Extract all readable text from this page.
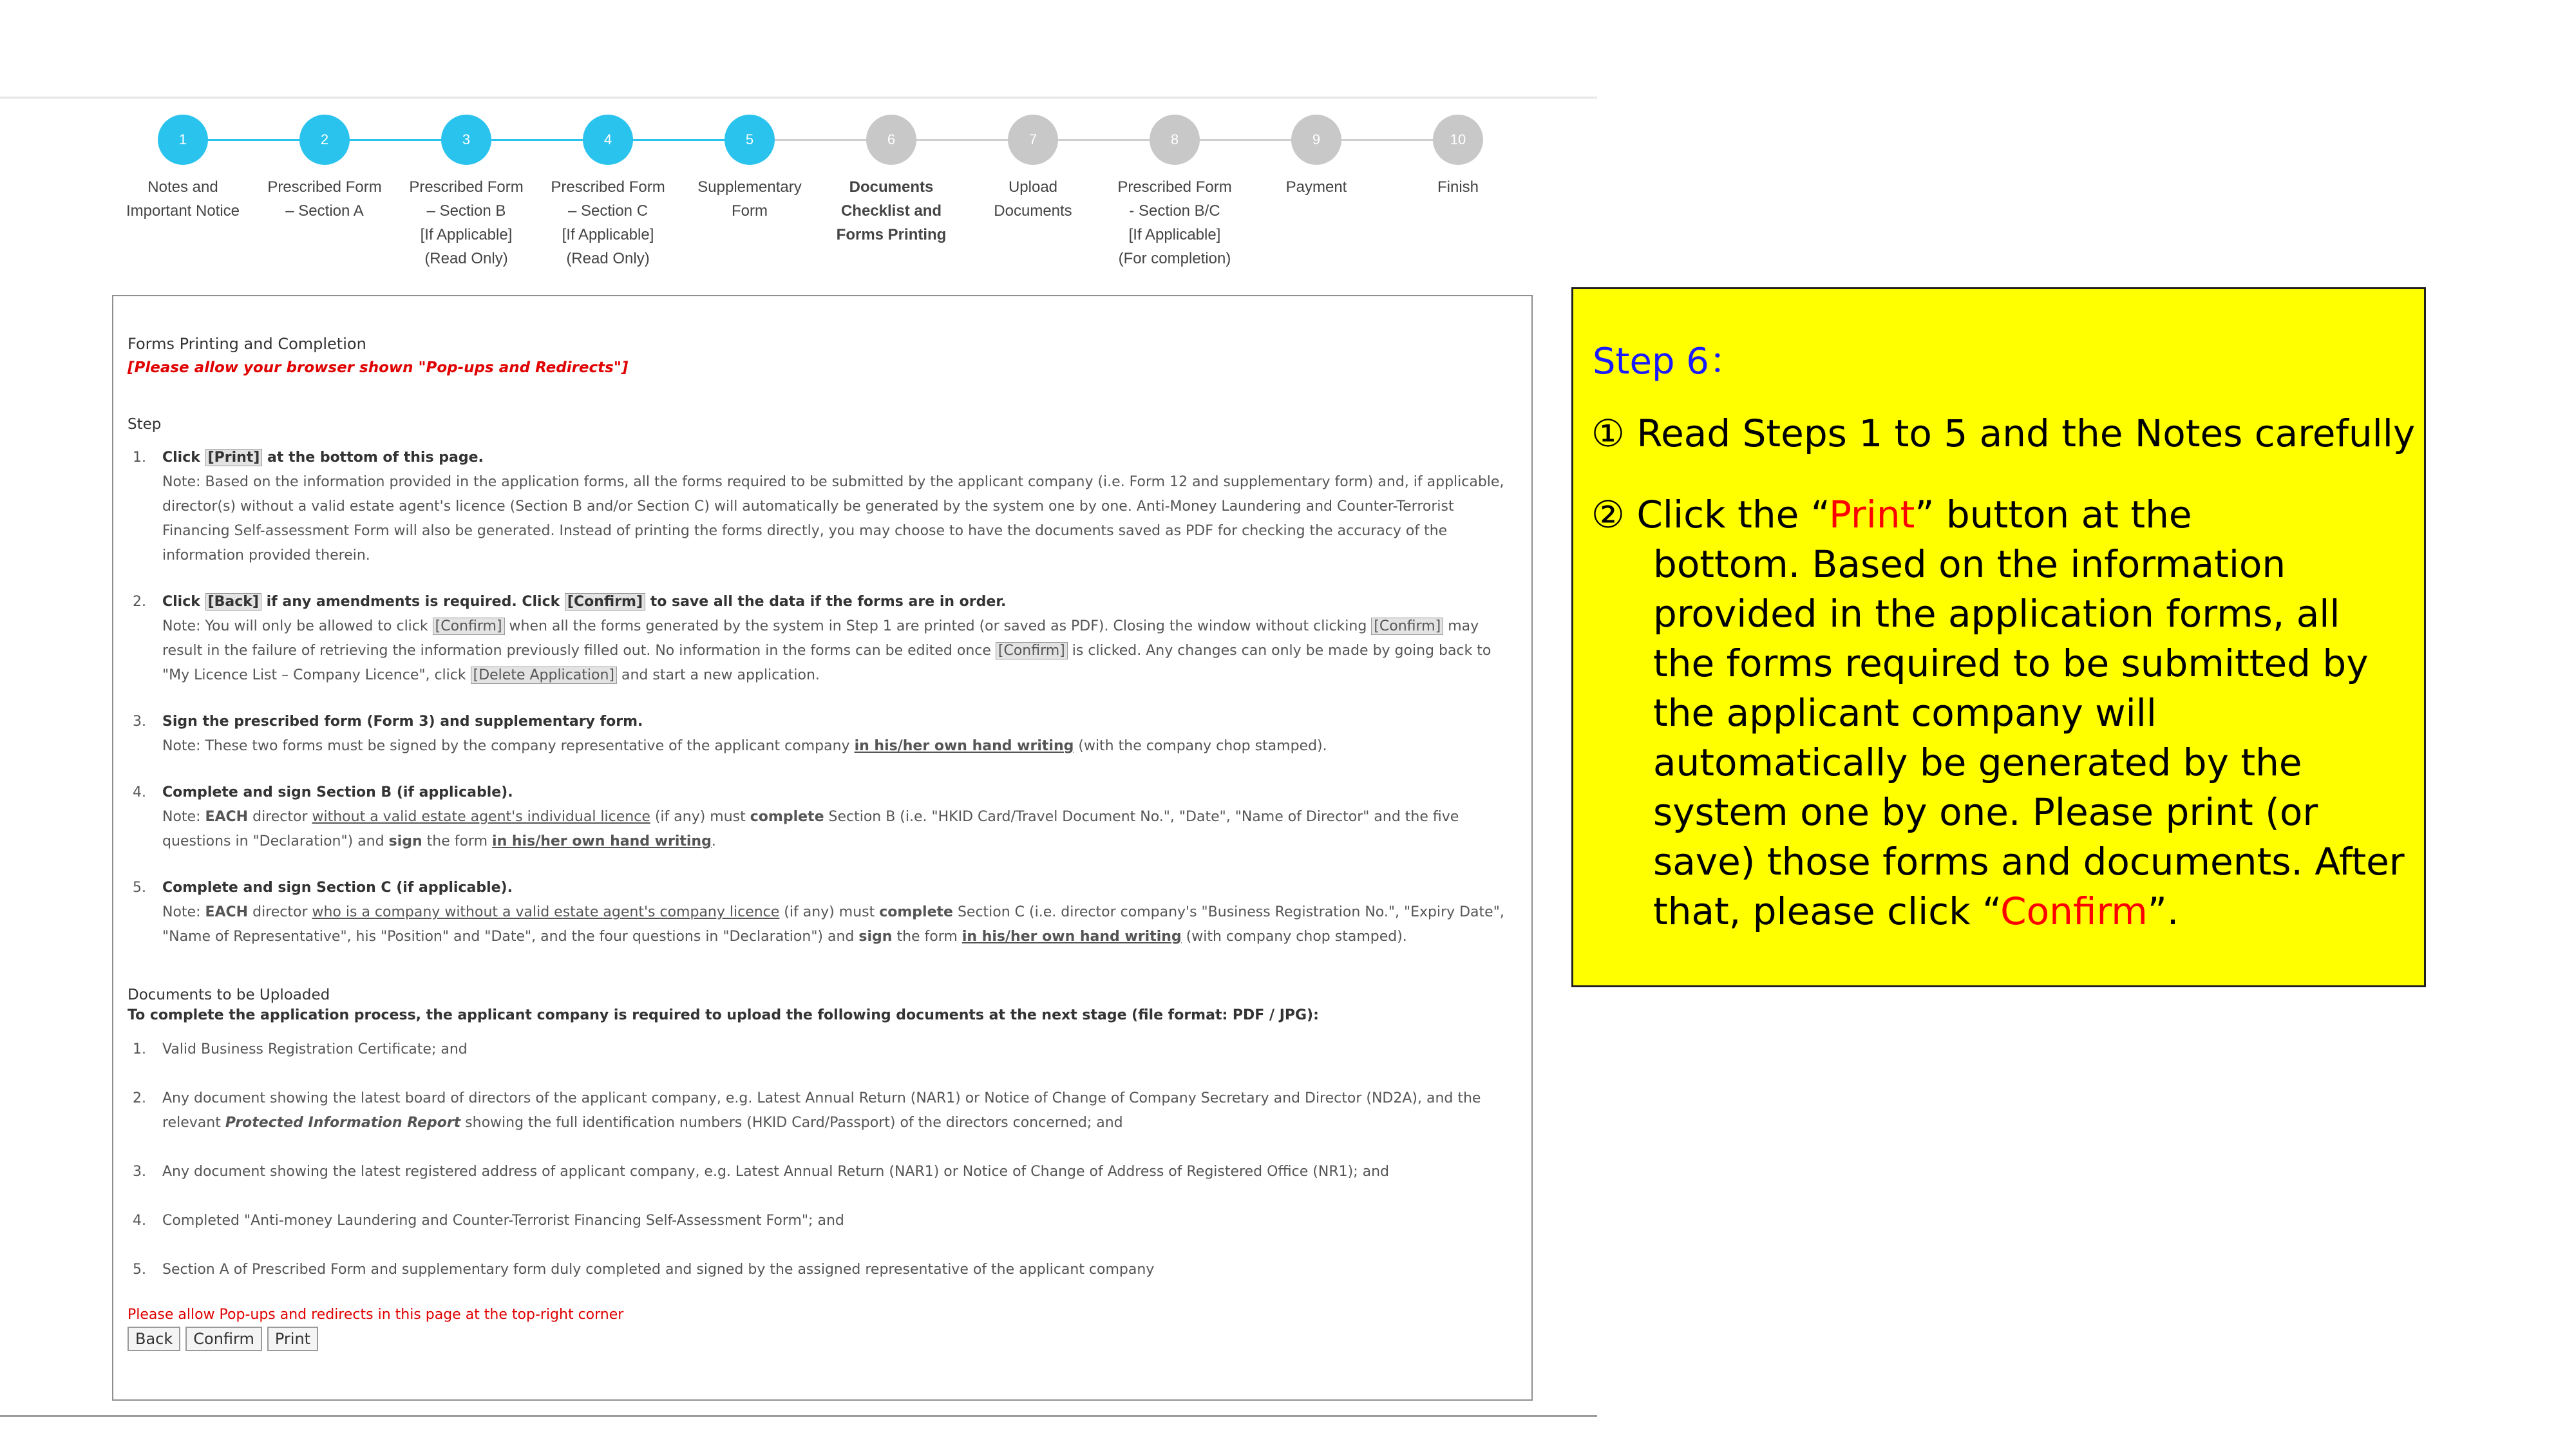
1
Notes and
Important Notice
2
Prescribed Form
– Section A
3
Prescribed Form
– Section B
[If Applicable]
(Read Only)
4
Prescribed Form
– Section C
[If Applicable]
(Read Only)
5
Supplementary
Form
6
Documents
Checklist and
Forms Printing
7
Upload Documents
8
Prescribed Form
- Section B/C
[If Applicable]
(For completion)
9
Payment
10
Finish
Forms Printing and Completion
[Please allow your browser shown "Pop-ups and Redirects"]
Step
1. Click [Print] at the bottom of this page.
Note: Based on the information provided in the application forms, all the forms required to be submitted by the applicant company (i.e. Form 12 and supplementary form) and, if applicable, director(s) without a valid estate agent's licence (Section B and/or Section C) will automatically be generated by the system one by one. Anti-Money Laundering and Counter-Terrorist Financing Self-assessment Form will also be generated. Instead of printing the forms directly, you may choose to have the documents saved as PDF for checking the accuracy of the information provided therein.
2. Click [Back] if any amendments is required. Click [Confirm] to save all the data if the forms are in order.
Note: You will only be allowed to click [Confirm] when all the forms generated by the system in Step 1 are printed (or saved as PDF). Closing the window without clicking [Confirm] may result in the failure of retrieving the information previously filled out. No information in the forms can be edited once [Confirm] is clicked. Any changes can only be made by going back to "My Licence List – Company Licence", click [Delete Application] and start a new application.
3. Sign the prescribed form (Form 3) and supplementary form.
Note: These two forms must be signed by the company representative of the applicant company in his/her own hand writing (with the company chop stamped).
4. Complete and sign Section B (if applicable).
Note: EACH director without a valid estate agent's individual licence (if any) must complete Section B (i.e. "HKID Card/Travel Document No.", "Date", "Name of Director" and the five questions in "Declaration") and sign the form in his/her own hand writing.
5. Complete and sign Section C (if applicable).
Note: EACH director who is a company without a valid estate agent's company licence (if any) must complete Section C (i.e. director company's "Business Registration No.", "Expiry Date", "Name of Representative", his "Position" and "Date", and the four questions in "Declaration") and sign the form in his/her own hand writing (with company chop stamped).
Documents to be Uploaded
To complete the application process, the applicant company is required to upload the following documents at the next stage (file format: PDF / JPG):
1. Valid Business Registration Certificate; and
2. Any document showing the latest board of directors of the applicant company, e.g. Latest Annual Return (NAR1) or Notice of Change of Company Secretary and Director (ND2A), and the relevant Protected Information Report showing the full identification numbers (HKID Card/Passport) of the directors concerned; and
3. Any document showing the latest registered address of applicant company, e.g. Latest Annual Return (NAR1) or Notice of Change of Address of Registered Office (NR1); and
4. Completed "Anti-money Laundering and Counter-Terrorist Financing Self-Assessment Form"; and
5. Section A of Prescribed Form and supplementary form duly completed and signed by the assigned representative of the applicant company
Please allow Pop-ups and redirects in this page at the top-right corner
Back	Confirm	Print
Step 6：
① Read Steps 1 to 5 and the Notes carefully
② Click the “Print” button at the
bottom. Based on the information provided in the application forms, all the forms required to be submitted by the applicant company will automatically be generated by the system one by one. Please print (or save) those forms and documents. After that, please click “Confirm”.
